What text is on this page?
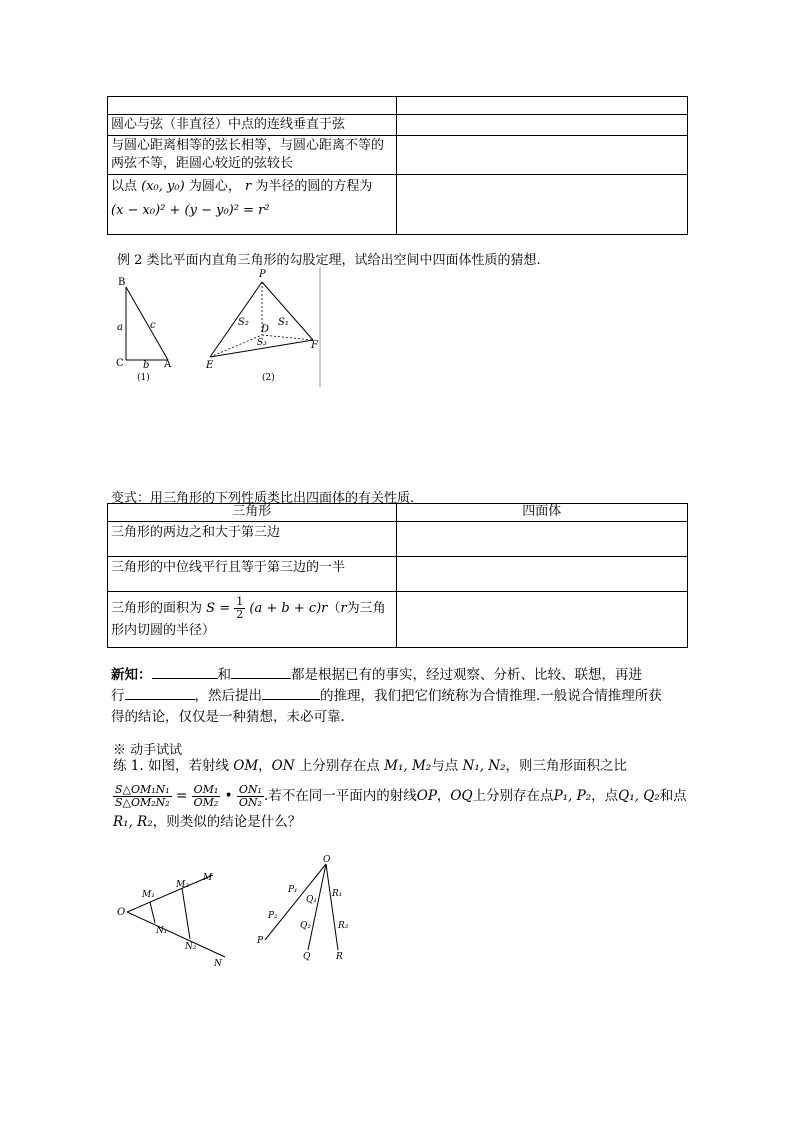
圆心与弦（非直径）中点的连线垂直于弦	
与圆心距离相等的弦长相等，与圆心距离不等的两弦不等，距圆心较近的弦较长	

以点 (x₀, y₀) 为圆心， r 为半径的圆的方程为
(x − x₀)² + (y − y₀)² = r²	

例 2 类比平面内直角三角形的勾股定理，试给出空间中四面体性质的猜想.
B
C	A
a
b
c
(1)
P
E
F
D
S₁
S₂
S₃
(2)
变式：用三角形的下列性质类比出四面体的有关性质.
三角形	四面体

三角形的两边之和大于第三边	

三角形的中位线平行且等于第三边的一半	

三角形的面积为 $S = \frac{1}{2} (a + b + c)r(r$为三角
形内切圆的半径）	

新知：	和	都是根据已有的事实，经过观察、分析、比较、联想，再进
行	，然后提出	的推理，我们把它们统称为合情推理.一般说合情推理所获
得的结论，仅仅是一种猜想，未必可靠.
※ 动手试试
练 1. 如图，若射线 OM，ON 上分别存在点 M₁, M₂与点 N₁, N₂，则三角形面积之比
$\frac{\text{S△OM₁N₁}}{\text{S△OM₂N₂}} = \frac{\text{OM₁}}{\text{OM₂}}$ • $\frac{\text{ON₁}}{\text{ON₂}}$ .若不在同一平面内的射线OP，OQ上分别存在点P₁, P₂，点Q₁, Q₂和点
R₁, R₂，则类似的结论是什么？
O
M₁
M₂
M
N₁
N₂
N
O
P₁
P₂
P
Q₁
Q₂
Q
R₁
R₂
R
